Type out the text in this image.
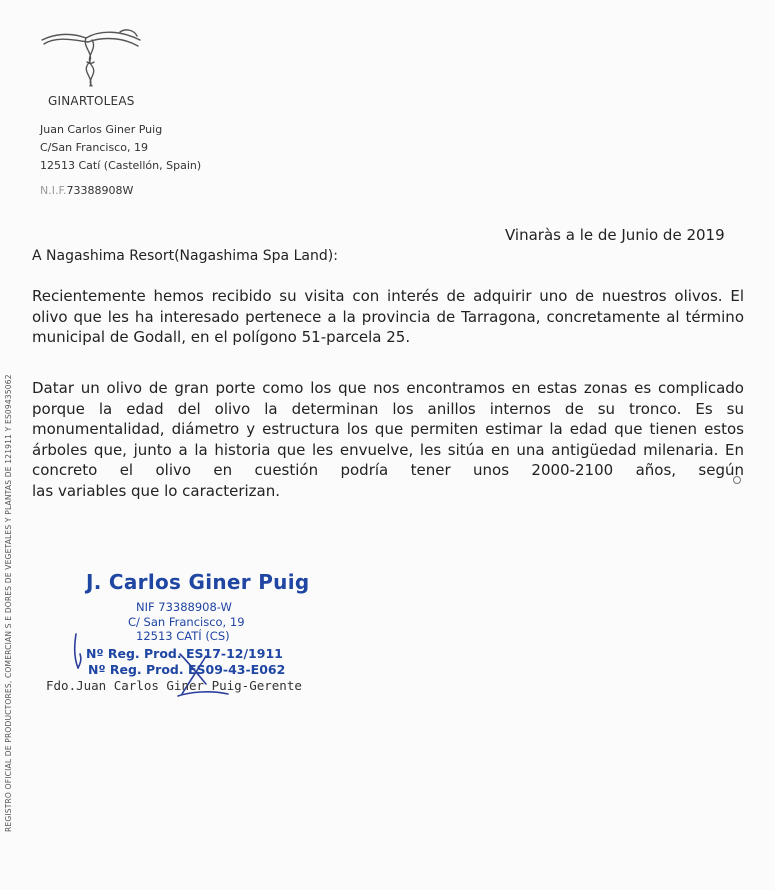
GINARTOLEAS
Juan Carlos Giner Puig
C/San Francisco, 19
12513 Catí (Castellón, Spain)
N.I.F.73388908W
REGISTRO OFICIAL DE PRODUCTORES, COMERCIAN S E DORES DE VEGETALES Y PLANTAS DE 121911 Y ES09435062
Vinaràs a le de Junio de 2019
A Nagashima Resort(Nagashima Spa Land):
Recientemente hemos recibido su visita con interés de adquirir uno de nuestros olivos. El olivo que les ha interesado pertenece a la provincia de Tarragona, concretamente al término municipal de Godall, en el polígono 51-parcela 25.
Datar un olivo de gran porte como los que nos encontramos en estas zonas es complicado porque la edad del olivo la determinan los anillos internos de su tronco. Es su monumentalidad, diámetro y estructura los que permiten estimar la edad que tienen estos árboles que, junto a la historia que les envuelve, les sitúa en una antigüedad milenaria. En concreto el olivo en cuestión podría tener unos 2000-2100 años, según
las variables que lo caracterizan.
J. Carlos Giner Puig
NIF 73388908-W
C/ San Francisco, 19
12513 CATÍ (CS)
Nº Reg. Prod. ES17-12/1911
Nº Reg. Prod. ES09-43-E062
Fdo.Juan Carlos Giner Puig-Gerente
